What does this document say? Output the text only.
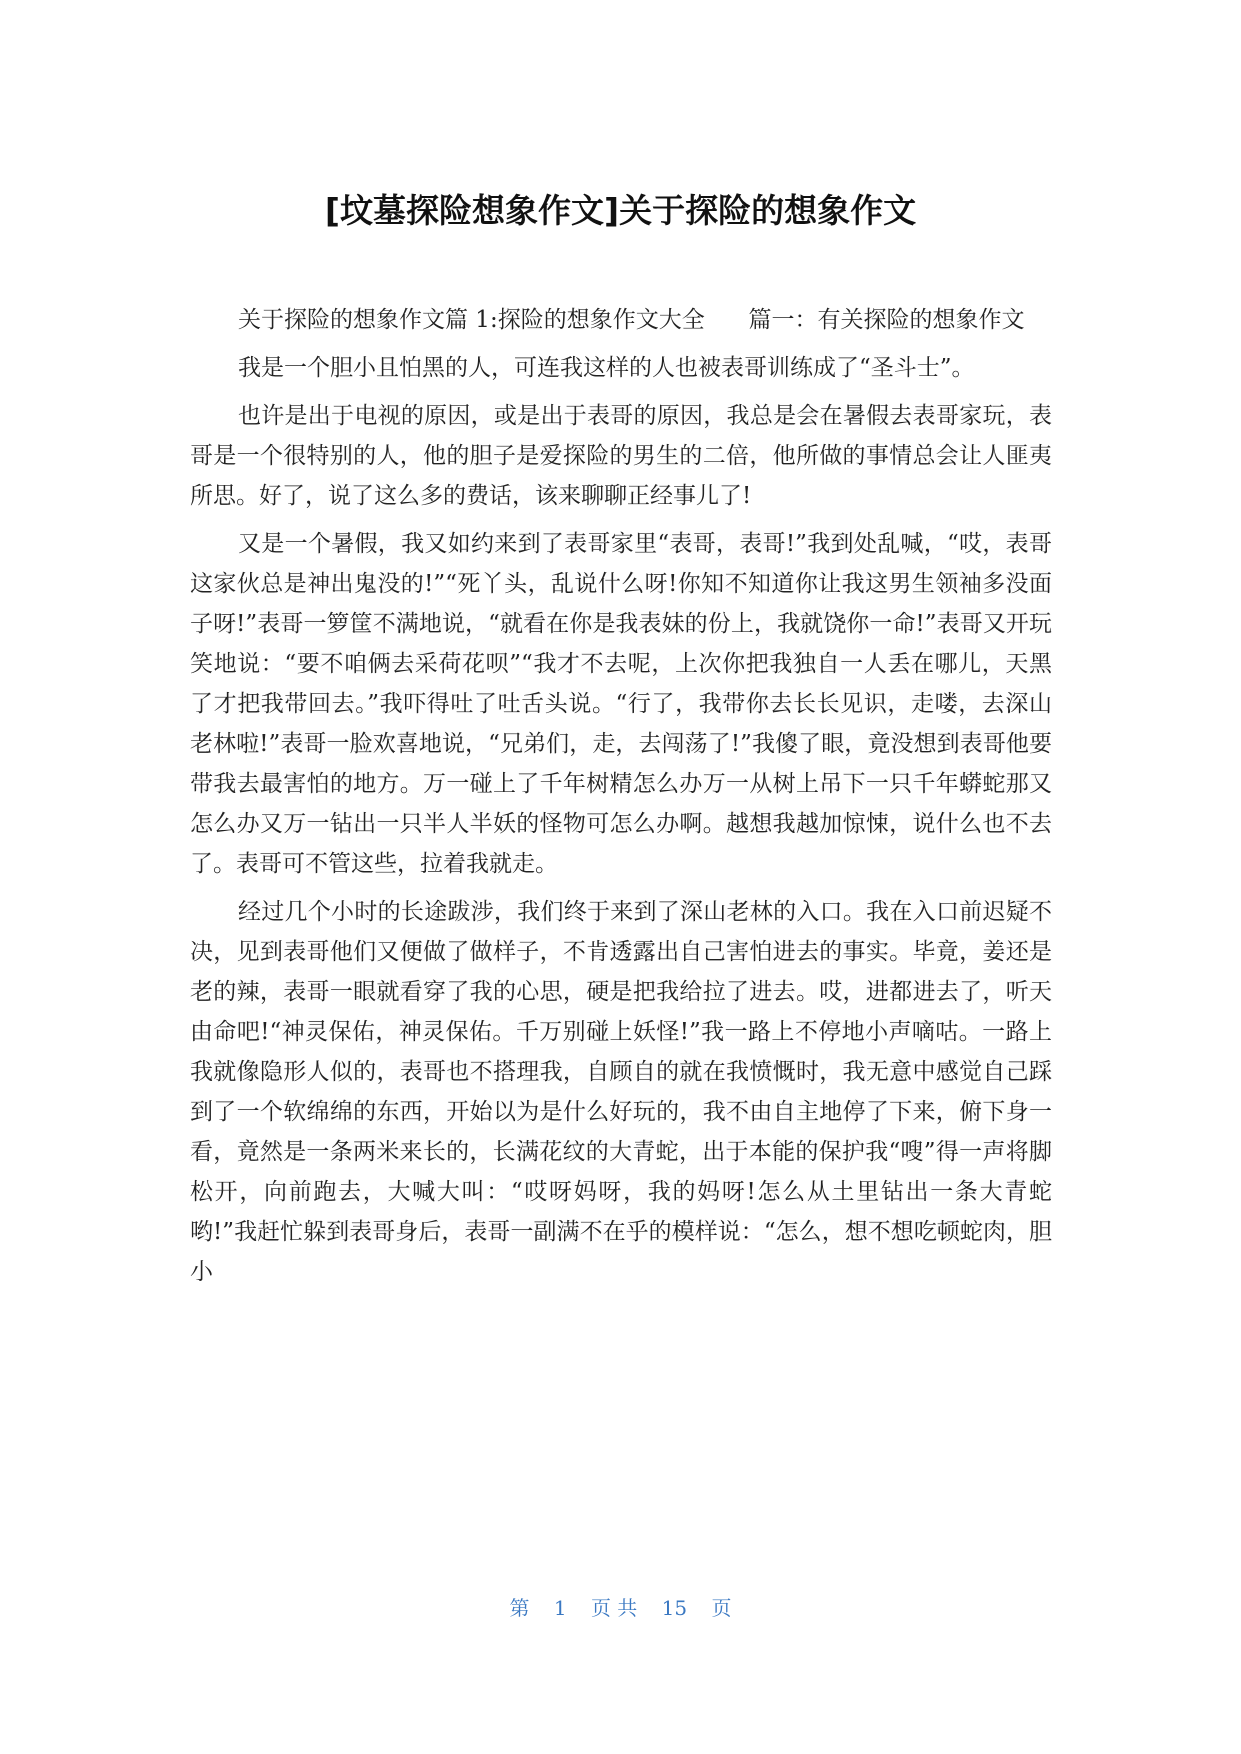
[坟墓探险想象作文]关于探险的想象作文

关于探险的想象作文篇 1:探险的想象作文大全      篇一：有关探险的想象作文

我是一个胆小且怕黑的人，可连我这样的人也被表哥训练成了“圣斗士”。

也许是出于电视的原因，或是出于表哥的原因，我总是会在暑假去表哥家玩，表哥是一个很特别的人，他的胆子是爱探险的男生的二倍，他所做的事情总会让人匪夷所思。好了，说了这么多的费话，该来聊聊正经事儿了!

又是一个暑假，我又如约来到了表哥家里“表哥，表哥!”我到处乱喊，“哎，表哥这家伙总是神出鬼没的!”“死丫头，乱说什么呀!你知不知道你让我这男生领袖多没面子呀!”表哥一箩筐不满地说，“就看在你是我表妹的份上，我就饶你一命!”表哥又开玩笑地说：“要不咱俩去采荷花呗”“我才不去呢，上次你把我独自一人丢在哪儿，天黑了才把我带回去。”我吓得吐了吐舌头说。“行了，我带你去长长见识，走喽，去深山老林啦!”表哥一脸欢喜地说，“兄弟们，走，去闯荡了!”我傻了眼，竟没想到表哥他要带我去最害怕的地方。万一碰上了千年树精怎么办万一从树上吊下一只千年蟒蛇那又怎么办又万一钻出一只半人半妖的怪物可怎么办啊。越想我越加惊悚，说什么也不去了。表哥可不管这些，拉着我就走。

经过几个小时的长途跋涉，我们终于来到了深山老林的入口。我在入口前迟疑不决，见到表哥他们又便做了做样子，不肯透露出自己害怕进去的事实。毕竟，姜还是老的辣，表哥一眼就看穿了我的心思，硬是把我给拉了进去。哎，进都进去了，听天由命吧!“神灵保佑，神灵保佑。千万别碰上妖怪!”我一路上不停地小声嘀咕。一路上我就像隐形人似的，表哥也不搭理我，自顾自的就在我愤慨时，我无意中感觉自己踩到了一个软绵绵的东西，开始以为是什么好玩的，我不由自主地停了下来，俯下身一看，竟然是一条两米来长的，长满花纹的大青蛇，出于本能的保护我“嗖”得一声将脚松开，向前跑去，大喊大叫：“哎呀妈呀，我的妈呀!怎么从土里钻出一条大青蛇哟!”我赶忙躲到表哥身后，表哥一副满不在乎的模样说：“怎么，想不想吃顿蛇肉，胆小

第 1 页 共 15 页
